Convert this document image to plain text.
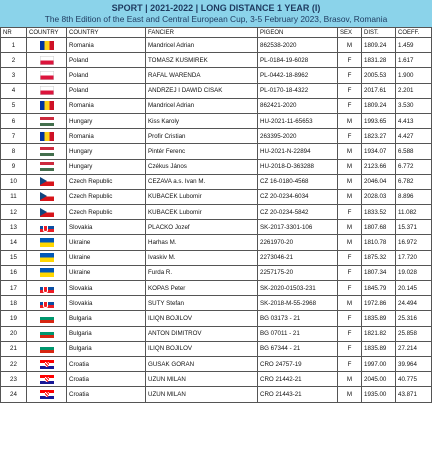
SPORT | 2021-2022 | LONG DISTANCE 1 YEAR (I)
The 8th Edition of the East and Central European Cup, 3-5 February 2023, Brasov, Romania
NR	COUNTRY	COUNTRY	FANCIER	PIGEON	SEX	DIST.	COEFF.
1		Romania	Mandricel Adrian	862538-2020	M	1809.24	1.459
2		Poland	TOMASZ KUSMIREK	PL-0184-19-6028	F	1831.28	1.617
3		Poland	RAFAL WARENDA	PL-0442-18-8962	F	2005.53	1.900
4		Poland	ANDRZEJ I DAWID CISAK	PL-0170-18-4322	F	2017.61	2.201
5		Romania	Mandricel Adrian	862421-2020	F	1809.24	3.530
6		Hungary	Kiss Karoly	HU-2021-11-65653	M	1993.65	4.413
7		Romania	Profir Cristian	263395-2020	F	1823.27	4.427
8		Hungary	Pintér Ferenc	HU-2021-N-22894	M	1934.07	6.588
9		Hungary	Czékus János	HU-2018-D-363288	M	2123.66	6.772
10		Czech Republic	CEZAVA a.s. Ivan M.	CZ 16-0180-4568	M	2046.04	6.782
11		Czech Republic	KUBACEK Lubomir	CZ 20-0234-6034	M	2028.03	8.896
12		Czech Republic	KUBACEK Lubomir	CZ 20-0234-5842	F	1833.52	11.082
13		Slovakia	PLACKO Jozef	SK-2017-3301-106	M	1807.68	15.371
14		Ukraine	Harhas M.	2261970-20	M	1810.78	16.972
15		Ukraine	Ivaskiv M.	2273046-21	F	1875.32	17.720
16		Ukraine	Furda R.	2257175-20	F	1807.34	19.028
17		Slovakia	KOPAS Peter	SK-2020-01503-231	F	1845.79	20.145
18		Slovakia	SUTY Stefan	SK-2018-M-55-2968	M	1972.86	24.494
19		Bulgaria	ILIQN BOJILOV	BG 03173 - 21	F	1835.89	25.316
20		Bulgaria	ANTON DIMITROV	BG 07011 - 21	F	1821.82	25.858
21		Bulgaria	ILIQN BOJILOV	BG 67344 - 21	F	1835.89	27.214
22		Croatia	GUSAK GORAN	CRO 24757-19	F	1997.00	39.964
23		Croatia	UZUN MILAN	CRO 21442-21	M	2045.00	40.775
24		Croatia	UZUN MILAN	CRO 21443-21	M	1935.00	43.871
